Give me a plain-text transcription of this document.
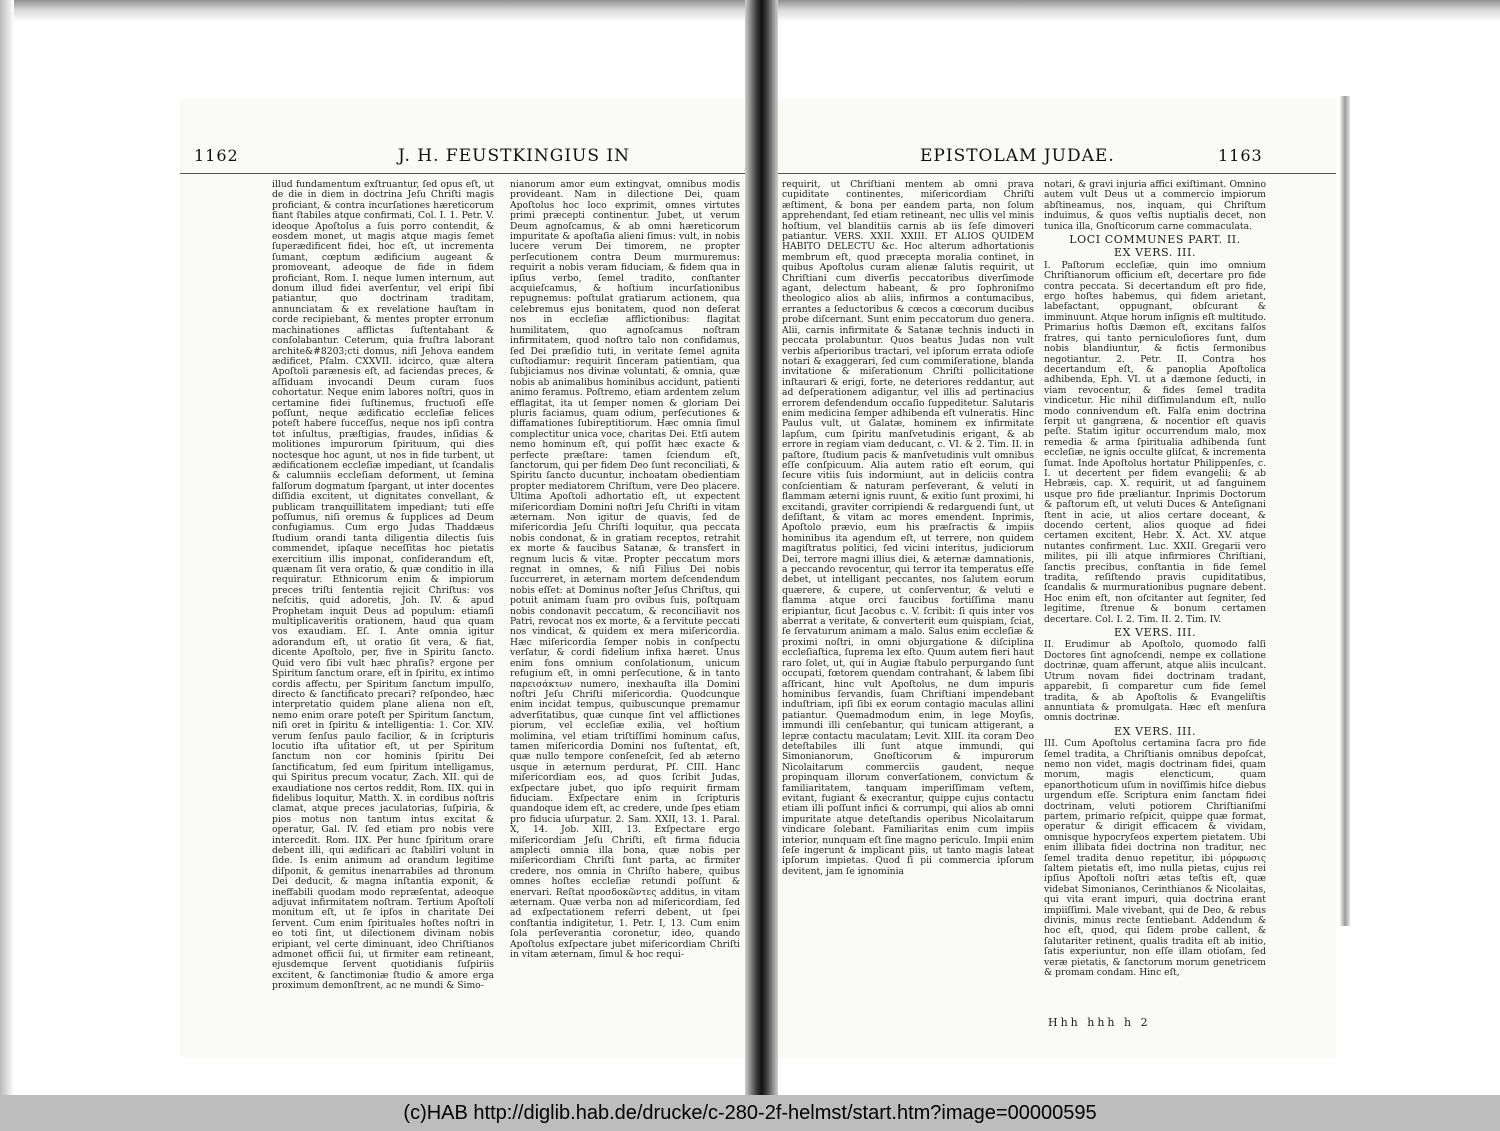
1162	J. H. FEUSTKINGIUS IN

illud fundamentum exſtruantur, ſed opus eſt, ut de die in diem in doctrina Jeſu Chriſti magis proficiant, & contra incurſationes hæreticorum fiant ſtabiles atque confirmati, Col. I. 1. Petr. V. ideoque Apoſtolus a ſuis porro contendit, & eosdem monet, ut magis atque magis ſemet ſuperædificent fidei, hoc eſt, ut incrementa ſumant, cœptum ædificium augeant & promoveant, adeoque de fide in fidem proficiant, Rom. I. neque lumen internum, aut donum illud fidei averſentur, vel eripi ſibi patiantur, quo doctrinam traditam, annunciatam & ex revelatione hauſtam in corde recipiebant, & mentes propter erronum machinationes afflictas ſuſtentabant & conſolabantur. Ceterum, quia fruſtra laborant archite&#8203;cti domus, niſi Jehova eandem ædificet, Pſalm. CXXVII. idcirco, quæ altera Apoſtoli parænesis eſt, ad faciendas preces, & aſſiduam invocandi Deum curam ſuos cohortatur. Neque enim labores noſtri, quos in certamine fidei ſuſtinemus, fructuoſi eſſe poſſunt, neque ædificatio eccleſiæ felices poteſt habere ſucceſſus, neque nos ipſi contra tot inſultus, præſtigias, fraudes, inſidias & molitiones impurorum ſpirituum, qui dies noctesque hoc agunt, ut nos in fide turbent, ut ædificationem eccleſiæ impediant, ut ſcandalis & calumniis eccleſiam deforment, ut ſemina falſorum dogmatum ſpargant, ut inter docentes diſſidia excitent, ut dignitates convellant, & publicam tranquillitatem impediant; tuti eſſe poſſumus, niſi oremus & ſupplices ad Deum confugiamus. Cum ergo Judas Thaddæus ſtudium orandi tanta diligentia dilectis ſuis commendet, ipſaque neceſſitas hoc pietatis exercitium illis imponat, conſiderandum eſt, quænam ſit vera oratio, & quæ conditio in illa requiratur. Ethnicorum enim & impiorum preces triſti ſententia rejicit Chriſtus: vos neſcitis, quid adoretis, Joh. IV. & apud Prophetam inquit Deus ad populum: etiamſi multiplicaveritis orationem, haud qua quam vos exaudiam. Eſ. I. Ante omnia igitur adorandum eſt, ut oratio ſit vera, & fiat, dicente Apoſtolo, per, five in Spiritu ſancto. Quid vero ſibi vult hæc phraſis? ergone per Spiritum ſanctum orare, eſt in ſpiritu, ex intimo cordis affectu, per Spiritum ſanctum impulſo, directo & ſanctificato precari? reſpondeo, hæc interpretatio quidem plane aliena non eſt, nemo enim orare poteſt per Spiritum ſanctum, niſi oret in ſpiritu & intelligentia: 1. Cor. XIV. verum ſenſus paulo facilior, & in ſcripturis locutio iſta uſitatior eſt, ut per Spiritum ſanctum non cor hominis ſpiritu Dei ſanctificatum, ſed eum ſpiritum intelligamus, qui Spiritus precum vocatur, Zach. XII. qui de exaudiatione nos certos reddit, Rom. IIX. qui in fidelibus loquitur, Matth. X. in cordibus noſtris clamat, atque preces jaculatorias, ſuſpiria, & pios motus non tantum intus excitat & operatur, Gal. IV. ſed etiam pro nobis vere intercedit. Rom. IIX. Per hunc ſpiritum orare debent illi, qui ædificari ac ſtabiliri volunt in ſide. Is enim animum ad orandum legitime diſponit, & gemitus inenarrabiles ad thronum Dei deducit, & magna inſtantia exponit, & ineffabili quodam modo repræſentat, adeoque adjuvat infirmitatem noſtram. Tertium Apoſtoli monitum eſt, ut ſe ipſos in charitate Dei ſervent. Cum enim ſpirituales hoſtes noſtri in eo toti ſint, ut dilectionem divinam nobis eripiant, vel certe diminuant, ideo Chriſtianos admonet officii ſui, ut firmiter eam retineant, ejusdemque ſervent quotidianis ſuſpiriis excitent, & ſanctimoniæ ſtudio & amore erga proximum demonſtrent, ac ne mundi & Simo-

nianorum amor eum extingvat, omnibus modis provideant. Nam in dilectione Dei, quam Apoſtolus hoc loco exprimit, omnes virtutes primi præcepti continentur. Jubet, ut verum Deum agnoſcamus, & ab omni hæreticorum impuritate & apoſtaſia alieni ſimus: vult, in nobis lucere verum Dei timorem, ne propter perſecutionem contra Deum murmuremus: requirit a nobis veram fiduciam, & fidem qua in ipſius verbo, ſemel tradito, conſtanter acquieſcamus, & hoſtium incurſationibus repugnemus: poſtulat gratiarum actionem, qua celebremus ejus bonitatem, quod non deſerat nos in eccleſiæ afflictionibus: flagitat humilitatem, quo agnoſcamus noſtram infirmitatem, quod noſtro talo non confidamus, ſed Dei præſidio tuti, in veritate ſemel agnita cuſtodiamur: requirit ſinceram patientiam, qua ſubjiciamus nos divinæ voluntati, & omnia, quæ nobis ab animalibus hominibus accidunt, patienti animo feramus. Poſtremo, etiam ardentem zelum efflagitat, ita ut ſemper nomen & gloriam Dei pluris faciamus, quam odium, perſecutiones & diffamationes ſubireptitiorum. Hæc omnia ſimul complectitur unica voce, charitas Dei. Etſi autem nemo hominum eſt, qui poſſit hæc exacte & perfecte præſtare: tamen ſciendum eſt, ſanctorum, qui per fidem Deo ſunt reconciliati, & Spiritu ſancto ducuntur, inchoatam obedientiam propter mediatorem Chriſtum, vere Deo placere. Ultima Apoſtoli adhortatio eſt, ut expectent miſericordiam Domini noſtri Jeſu Chriſti in vitam æternam. Non igitur de quavis, ſed de miſericordia Jeſu Chriſti loquitur, qua peccata nobis condonat, & in gratiam receptos, retrahit ex morte & faucibus Satanæ, & transfert in regnum lucis & vitæ. Propter peccatum mors regnat in omnes, & niſi Filius Dei nobis ſuccurreret, in æternam mortem deſcendendum nobis eſſet: at Dominus noſter Jeſus Chriſtus, qui potuit animam ſuam pro ovibus ſuis, poſtquam nobis condonavit peccatum, & reconciliavit nos Patri, revocat nos ex morte, & a ſervitute peccati nos vindicat, & quidem ex mera miſericordia. Hæc miſericordia ſemper nobis in conſpectu verſatur, & cordi fidelium infixa hæret. Unus enim fons omnium conſolationum, unicum refugium eſt, in omni perſecutione, & in tanto παρεισάκτων numero, inexhauſta illa Domini noſtri Jeſu Chriſti miſericordia. Quodcunque enim incidat tempus, quibuscunque premamur adverſitatibus, quæ cunque ſint vel afflictiones piorum, vel eccleſiæ exilia, vel hoſtium molimina, vel etiam triſtiſſimi hominum caſus, tamen miſericordia Domini nos ſuſtentat, eſt, quæ nullo tempore conſeneſcit, ſed ab æterno usque in æternum perdurat, Pſ. CIII. Hanc miſericordiam eos, ad quos ſcribit Judas, exſpectare jubet, quo ipſo requirit firmam fiduciam. Exſpectare enim in ſcripturis quandoque idem eſt, ac credere, unde ſpes etiam pro fiducia uſurpatur. 2. Sam. XXII, 13. 1. Paral. X, 14. Job. XIII, 13. Exſpectare ergo miſericordiam Jeſu Chriſti, eſt firma fiducia amplecti omnia illa bona, quæ nobis per miſericordiam Chriſti ſunt parta, ac firmiter credere, nos omnia in Chriſto habere, quibus omnes hoſtes eccleſiæ retundi poſſunt & enervari. Reſtat προσδοκῶντες additus, in vitam æternam. Quæ verba non ad miſericordiam, ſed ad exſpectationem referri debent, ut ſpei conſtantia indigitetur, 1. Petr. I, 13. Cum enim ſola perſeverantia coronetur, ideo, quando Apoſtolus exſpectare jubet miſericordiam Chriſti in vitam æternam, ſimul & hoc requi-

EPISTOLAM JUDAE.	1163

requirit, ut Chriſtiani mentem ab omni prava cupiditate continentes, miſericordiam Chriſti æſtiment, & bona per eandem parta, non ſolum apprehendant, ſed etiam retineant, nec ullis vel minis hoſtium, vel blanditiis carnis ab iis ſeſe dimoveri patiantur. VERS. XXII. XXIII. ET ALIOS QUIDEM HABITO DELECTU &c. Hoc alterum adhortationis membrum eſt, quod præcepta moralia continet, in quibus Apoſtolus curam alienæ ſalutis requirit, ut Chriſtiani cum diverſis peccatoribus diverſimode agant, delectum habeant, & pro ſophroniſmo theologico alios ab aliis, infirmos a contumacibus, errantes a ſeductoribus & cœcos a cœcorum ducibus probe diſcernant. Sunt enim peccatorum duo genera. Alii, carnis infirmitate & Satanæ technis inducti in peccata prolabuntur. Quos beatus Judas non vult verbis aſperioribus tractari, vel ipſorum errata odioſe notari & exaggerari, ſed cum commiſeratione, blanda invitatione & miſerationum Chriſti pollicitatione inſtaurari & erigi, forte, ne deteriores reddantur, aut ad deſperationem adigantur, vel illis ad pertinacius errorem defendendum occaſio ſuppeditetur. Salutaris enim medicina ſemper adhibenda eſt vulneratis. Hinc Paulus vult, ut Galatæ, hominem ex infirmitate lapſum, cum ſpiritu manſvetudinis erigant, & ab errore in regiam viam deducant, c. VI. & 2. Tim. II. in paſtore, ſtudium pacis & manſvetudinis vult omnibus eſſe conſpicuum. Alia autem ratio eſt eorum, qui ſecure vitiis ſuis indormiunt, aut in deliciis contra conſcientiam & naturam perſeverant, & veluti in flammam æterni ignis ruunt, & exitio ſunt proximi, hi excitandi, graviter corripiendi & redarguendi ſunt, ut deſiſtant, & vitam ac mores emendent. Inprimis, Apoſtolo prævio, eum his præſractis & impiis hominibus ita agendum eſt, ut terrere, non quidem magiſtratus politici, ſed vicini interitus, judiciorum Dei, terrore magni illius diei, & æternæ damnationis, a peccando revocentur, qui terror ita temperatus eſſe debet, ut intelligant peccantes, nos ſalutem eorum quærere, & cupere, ut conſerventur, & veluti e flamma atque orci faucibus fortiſſima manu eripiantur, ſicut Jacobus c. V. ſcribit: ſi quis inter vos aberrat a veritate, & converterit eum quispiam, ſciat, ſe ſervaturum animam a malo. Salus enim eccleſiæ & proximi noſtri, in omni objurgatione & diſciplina eccleſiaſtica, ſuprema lex eſto. Quum autem fieri haut raro ſolet, ut, qui in Augiæ ſtabulo perpurgando ſunt occupati, fœtorem quendam contrahant, & labem ſibi aſſricant, hinc vult Apoſtolus, ne dum impuris hominibus ſervandis, ſuam Chriſtiani impendebant induſtriam, ipſi ſibi ex eorum contagio maculas allini patiantur. Quemadmodum enim, in lege Moyſis, immundi illi cenſebantur, qui tunicam attigerant, a lepræ contactu maculatam; Levit. XIII. ita coram Deo deteſtabiles illi ſunt atque immundi, qui Simonianorum, Gnoſticorum & impurorum Nicolaitarum commerciis gaudent, neque propinquam illorum converſationem, convictum & familiaritatem, tanquam imperiſſimam veſtem, evitant, fugiant & execrantur, quippe cujus contactu etiam illi poſſunt infici & corrumpi, qui alios ab omni impuritate atque deteſtandis operibus Nicolaitarum vindicare ſolebant. Familiaritas enim cum impiis interior, nunquam eſt ſine magno periculo. Impii enim ſeſe ingerunt & implicant piis, ut tanto magis lateat ipſorum impietas. Quod ſi pii commercia ipſorum devitent, jam ſe ignominia

notari, & gravi injuria affici exiſtimant. Omnino autem vult Deus ut a commercio impiorum abſtineamus, nos, inquam, qui Chriſtum induimus, & quos veſtis nuptialis decet, non tunica illa, Gnoſticorum carne commaculata.

LOCI COMMUNES PART. II.
EX VERS. III.

I. Paſtorum eccleſiæ, quin imo omnium Chriſtianorum officium eſt, decertare pro fide contra peccata. Si decertandum eſt pro fide, ergo hoſtes habemus, qui fidem arietant, labefactant, oppugnant, obſcurant & imminuunt. Atque horum inſignis eſt multitudo. Primarius hoſtis Dæmon eſt, excitans falſos fratres, qui tanto perniculoſiores ſunt, dum nobis blandiuntur, & fictis ſermonibus negotiantur. 2. Petr. II. Contra hos decertandum eſt, & panoplia Apoſtolica adhibenda, Eph. VI. ut a dæmone ſeducti, in viam revocentur, & fides ſemel tradita vindicetur. Hic nihil diſſimulandum eſt, nullo modo connivendum eſt. Falſa enim doctrina ſerpit ut gangræna, & nocentior eſt quavis peſte. Statim igitur occurrendum malo, mox remedia & arma ſpiritualia adhibenda ſunt eccleſiæ, ne ignis occulte gliſcat, & incrementa ſumat. Inde Apoſtolus hortatur Philippenſes, c. I. ut decertent per fidem evangelii; & ab Hebræis, cap. X. requirit, ut ad ſanguinem usque pro fide præliantur. Inprimis Doctorum & paſtorum eſt, ut veluti Duces & Anteſignani ſtent in acie, ut alios certare doceant, & docendo certent, alios quoque ad fidei certamen excitent, Hebr. X. Act. XV. atque nutantes confirment. Luc. XXII. Gregarii vero milites, pii illi atque infirmiores Chriſtiani, ſanctis precibus, conſtantia in fide ſemel tradita, reſiſtendo pravis cupiditatibus, ſcandalis & murmurationibus pugnare debent. Hoc enim eſt, non oſcitanter aut ſegniter, ſed legitime, ſtrenue & bonum certamen decertare. Col. I. 2. Tim. II. 2. Tim. IV.

EX VERS. III.

II. Erudimur ab Apoſtolo, quomodo falſi Doctores ſint agnoſcendi, nempe ex collatione doctrinæ, quam afferunt, atque aliis inculcant. Utrum novam fidei doctrinam tradant, apparebit, ſi comparetur cum fide ſemel tradita, & ab Apoſtolis & Evangeliſtis annuntiata & promulgata. Hæc eſt menſura omnis doctrinæ.

EX VERS. III.

III. Cum Apoſtolus certamina ſacra pro fide ſemel tradita, a Chriſtianis omnibus depoſcat, nemo non videt, magis doctrinam fidei, quam morum, magis elencticum, quam epanorthoticum uſum in noviſſimis hiſce diebus urgendum eſſe. Scriptura enim ſanctam fidei doctrinam, veluti potiorem Chriſtianiſmi partem, primario reſpicit, quippe quæ format, operatur & dirigit efficacem & vividam, omnisque hypocryſeos expertem pietatem. Ubi enim illibata fidei doctrina non traditur, nec ſemel tradita denuo repetitur, ibi μόρφωσις ſaltem pietatis eſt, imo nulla pietas, cujus rei ipſius Apoſtoli noſtri ætas teſtis eſt, quæ videbat Simonianos, Cerinthianos & Nicolaitas, qui vita erant impuri, quia doctrina erant impiiſſimi. Male vivebant, qui de Deo, & rebus divinis, minus recte ſentiebant. Addendum & hoc eſt, quod, qui ſidem probe callent, & ſalutariter retinent, qualis tradita eſt ab initio, ſatis experiuntur, non eſſe illam otioſam, ſed veræ pietatis, & ſanctorum morum genetricem & promam condam. Hinc eſt,

Hhh hhh h 2
(c)HAB http://diglib.hab.de/drucke/c-280-2f-helmst/start.htm?image=00000595
